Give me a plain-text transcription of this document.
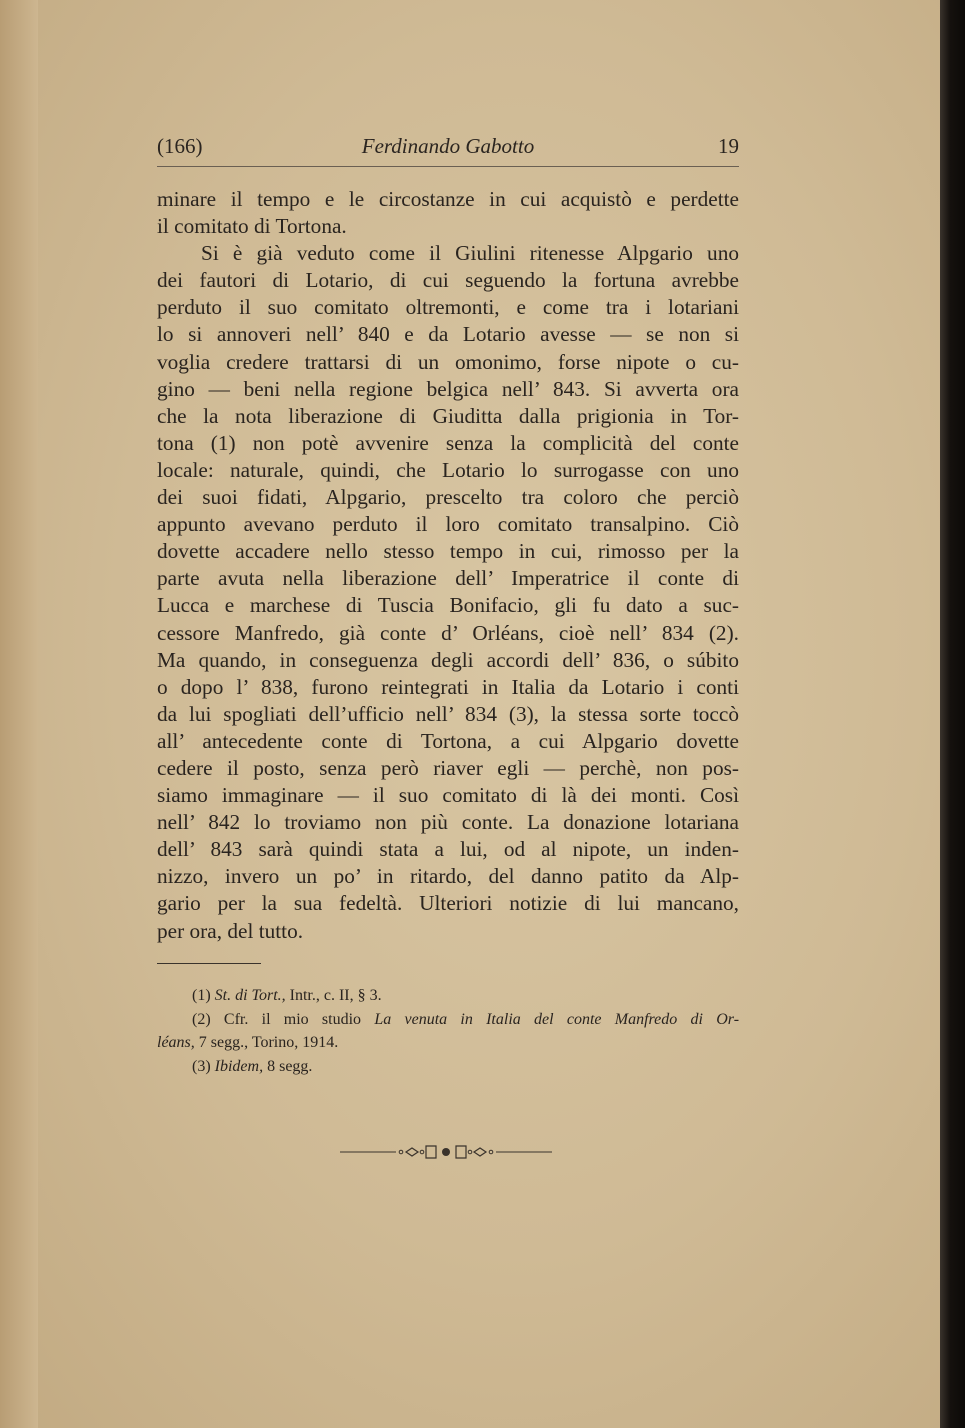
(166)	Ferdinando Gabotto	19
minare il tempo e le circostanze in cui acquistò e perdette
il comitato di Tortona.
Si è già veduto come il Giulini ritenesse Alpgario uno
dei fautori di Lotario, di cui seguendo la fortuna avrebbe
perduto il suo comitato oltremonti, e come tra i lotariani
lo si annoveri nell’ 840 e da Lotario avesse — se non si
voglia credere trattarsi di un omonimo, forse nipote o cu-
gino — beni nella regione belgica nell’ 843. Si avverta ora
che la nota liberazione di Giuditta dalla prigionia in Tor-
tona (1) non potè avvenire senza la complicità del conte
locale: naturale, quindi, che Lotario lo surrogasse con uno
dei suoi fidati, Alpgario, prescelto tra coloro che perciò
appunto avevano perduto il loro comitato transalpino. Ciò
dovette accadere nello stesso tempo in cui, rimosso per la
parte avuta nella liberazione dell’ Imperatrice il conte di
Lucca e marchese di Tuscia Bonifacio, gli fu dato a suc-
cessore Manfredo, già conte d’ Orléans, cioè nell’ 834 (2).
Ma quando, in conseguenza degli accordi dell’ 836, o súbito
o dopo l’ 838, furono reintegrati in Italia da Lotario i conti
da lui spogliati dell’ufficio nell’ 834 (3), la stessa sorte toccò
all’ antecedente conte di Tortona, a cui Alpgario dovette
cedere il posto, senza però riaver egli — perchè, non pos-
siamo immaginare — il suo comitato di là dei monti. Così
nell’ 842 lo troviamo non più conte. La donazione lotariana
dell’ 843 sarà quindi stata a lui, od al nipote, un inden-
nizzo, invero un po’ in ritardo, del danno patito da Alp-
gario per la sua fedeltà. Ulteriori notizie di lui mancano,
per ora, del tutto.
(1) St. di Tort., Intr., c. II, § 3.
(2) Cfr. il mio studio La venuta in Italia del conte Manfredo di Or-
léans, 7 segg., Torino, 1914.
(3) Ibidem, 8 segg.
